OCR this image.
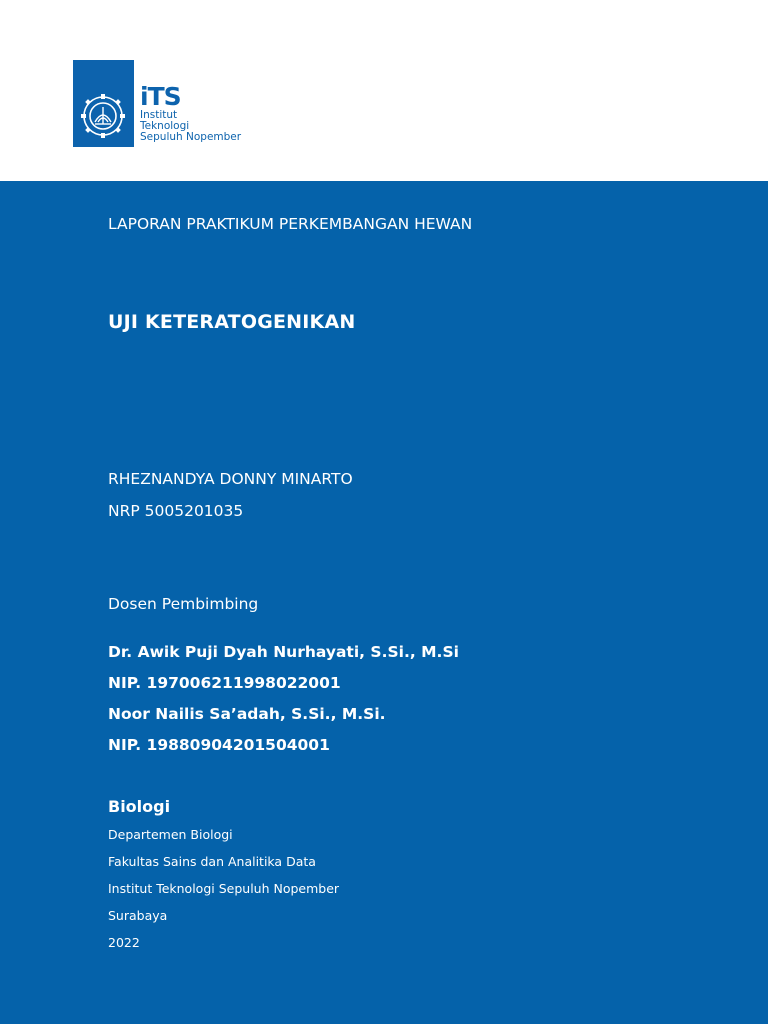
iTS
Institut
Teknologi
Sepuluh Nopember
LAPORAN PRAKTIKUM PERKEMBANGAN HEWAN
UJI KETERATOGENIKAN
RHEZNANDYA DONNY MINARTO
NRP 5005201035
Dosen Pembimbing
Dr. Awik Puji Dyah Nurhayati, S.Si., M.Si
NIP. 197006211998022001
Noor Nailis Sa’adah, S.Si., M.Si.
NIP. 19880904201504001
Biologi
Departemen Biologi
Fakultas Sains dan Analitika Data
Institut Teknologi Sepuluh Nopember
Surabaya
2022
